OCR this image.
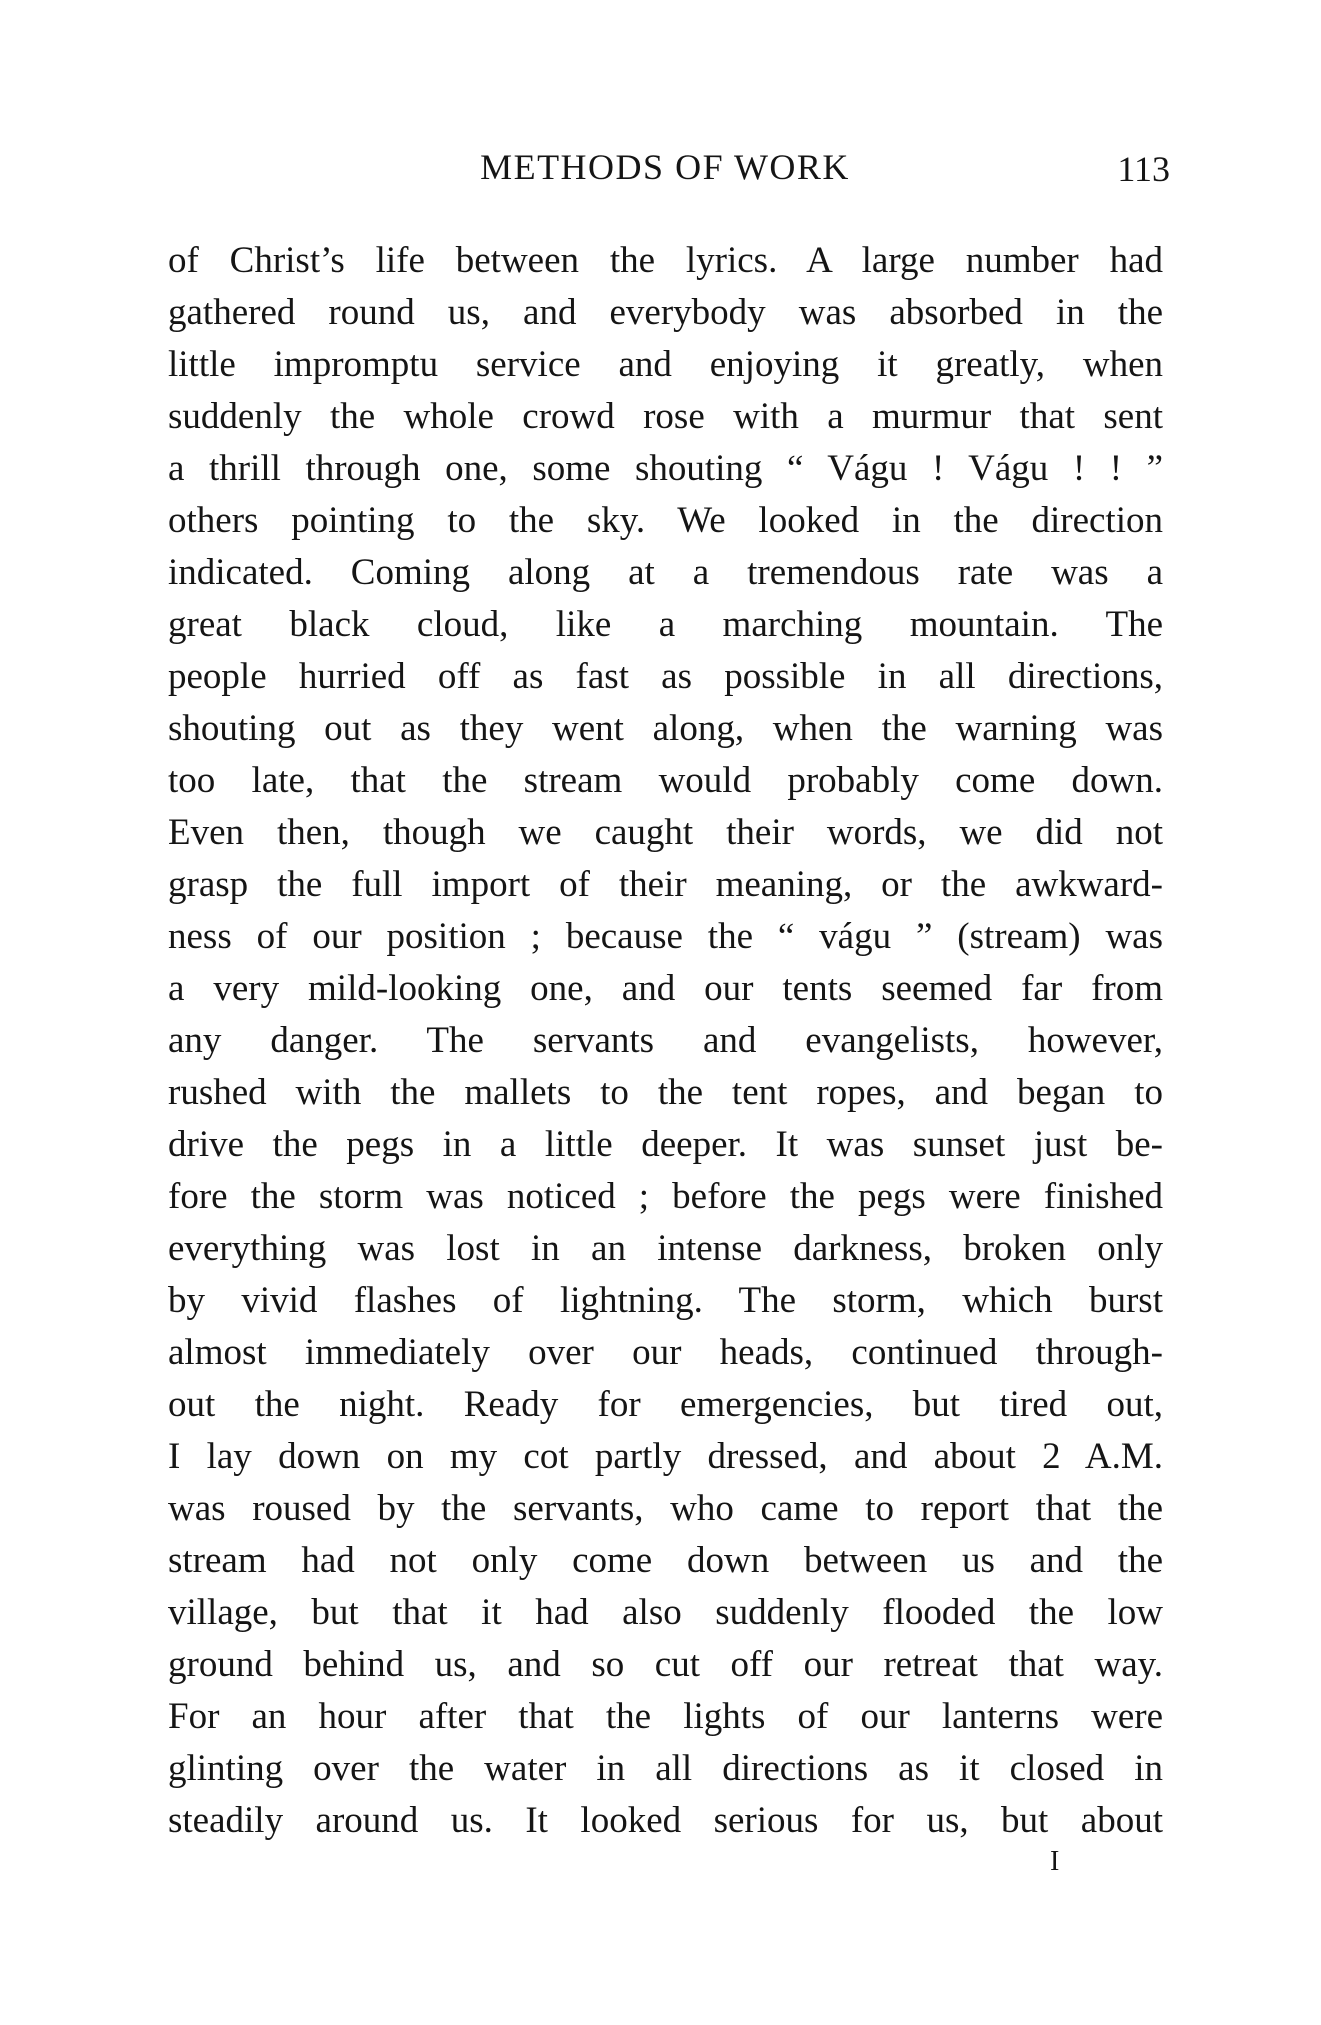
METHODS OF WORK	113
of Christ’s life between the lyrics. A large number had
gathered round us, and everybody was absorbed in the
little impromptu service and enjoying it greatly, when
suddenly the whole crowd rose with a murmur that sent
a thrill through one, some shouting “ Vágu ! Vágu ! ! ”
others pointing to the sky. We looked in the direction
indicated. Coming along at a tremendous rate was a
great black cloud, like a marching mountain. The
people hurried off as fast as possible in all directions,
shouting out as they went along, when the warning was
too late, that the stream would probably come down.
Even then, though we caught their words, we did not
grasp the full import of their meaning, or the awkward-
ness of our position ; because the “ vágu ” (stream) was
a very mild-looking one, and our tents seemed far from
any danger. The servants and evangelists, however,
rushed with the mallets to the tent ropes, and began to
drive the pegs in a little deeper. It was sunset just be-
fore the storm was noticed ; before the pegs were finished
everything was lost in an intense darkness, broken only
by vivid flashes of lightning. The storm, which burst
almost immediately over our heads, continued through-
out the night. Ready for emergencies, but tired out,
I lay down on my cot partly dressed, and about 2 A.M.
was roused by the servants, who came to report that the
stream had not only come down between us and the
village, but that it had also suddenly flooded the low
ground behind us, and so cut off our retreat that way.
For an hour after that the lights of our lanterns were
glinting over the water in all directions as it closed in
steadily around us. It looked serious for us, but about
I
